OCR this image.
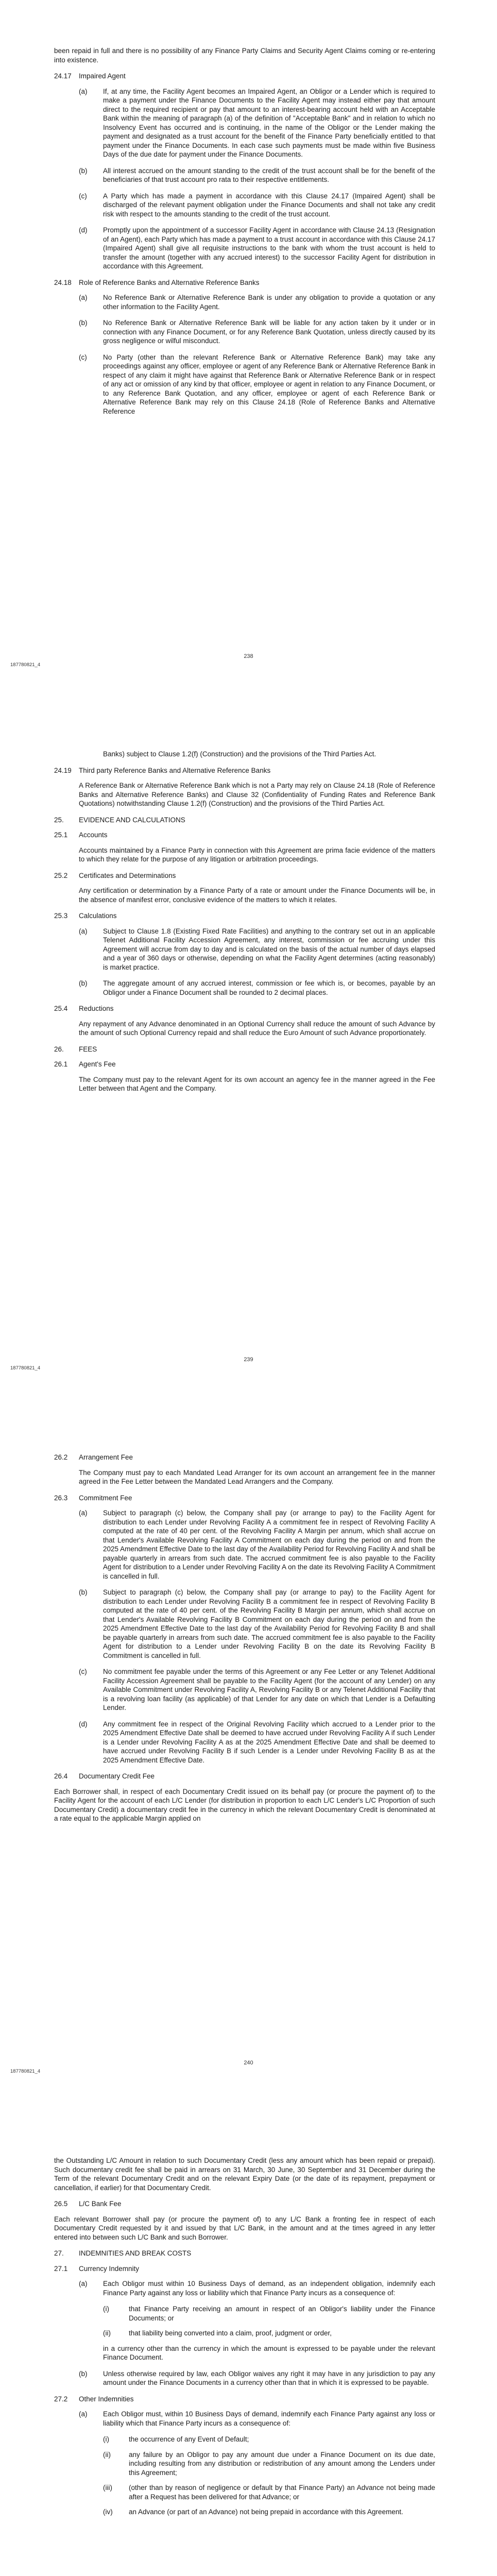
been repaid in full and there is no possibility of any Finance Party Claims and Security Agent Claims coming or re-entering into existence.

24.17 Impaired Agent
(a) If, at any time, the Facility Agent becomes an Impaired Agent, an Obligor or a Lender which is required to make a payment under the Finance Documents to the Facility Agent may instead either pay that amount direct to the required recipient or pay that amount to an interest-bearing account held with an Acceptable Bank within the meaning of paragraph (a) of the definition of "Acceptable Bank" and in relation to which no Insolvency Event has occurred and is continuing, in the name of the Obligor or the Lender making the payment and designated as a trust account for the benefit of the Finance Party beneficially entitled to that payment under the Finance Documents. In each case such payments must be made within five Business Days of the due date for payment under the Finance Documents.
(b) All interest accrued on the amount standing to the credit of the trust account shall be for the benefit of the beneficiaries of that trust account pro rata to their respective entitlements.
(c) A Party which has made a payment in accordance with this Clause 24.17 (Impaired Agent) shall be discharged of the relevant payment obligation under the Finance Documents and shall not take any credit risk with respect to the amounts standing to the credit of the trust account.
(d) Promptly upon the appointment of a successor Facility Agent in accordance with Clause 24.13 (Resignation of an Agent), each Party which has made a payment to a trust account in accordance with this Clause 24.17 (Impaired Agent) shall give all requisite instructions to the bank with whom the trust account is held to transfer the amount (together with any accrued interest) to the successor Facility Agent for distribution in accordance with this Agreement.
24.18 Role of Reference Banks and Alternative Reference Banks
(a) No Reference Bank or Alternative Reference Bank is under any obligation to provide a quotation or any other information to the Facility Agent.
(b) No Reference Bank or Alternative Reference Bank will be liable for any action taken by it under or in connection with any Finance Document, or for any Reference Bank Quotation, unless directly caused by its gross negligence or wilful misconduct.
(c) No Party (other than the relevant Reference Bank or Alternative Reference Bank) may take any proceedings against any officer, employee or agent of any Reference Bank or Alternative Reference Bank in respect of any claim it might have against that Reference Bank or Alternative Reference Bank or in respect of any act or omission of any kind by that officer, employee or agent in relation to any Finance Document, or to any Reference Bank Quotation, and any officer, employee or agent of each Reference Bank or Alternative Reference Bank may rely on this Clause 24.18 (Role of Reference Banks and Alternative Reference
238
187780821_4

Banks) subject to Clause 1.2(f) (Construction) and the provisions of the Third Parties Act.

24.19 Third party Reference Banks and Alternative Reference Banks

A Reference Bank or Alternative Reference Bank which is not a Party may rely on Clause 24.18 (Role of Reference Banks and Alternative Reference Banks) and Clause 32 (Confidentiality of Funding Rates and Reference Bank Quotations) notwithstanding Clause 1.2(f) (Construction) and the provisions of the Third Parties Act.

25. EVIDENCE AND CALCULATIONS
25.1 Accounts

Accounts maintained by a Finance Party in connection with this Agreement are prima facie evidence of the matters to which they relate for the purpose of any litigation or arbitration proceedings.

25.2 Certificates and Determinations

Any certification or determination by a Finance Party of a rate or amount under the Finance Documents will be, in the absence of manifest error, conclusive evidence of the matters to which it relates.

25.3 Calculations
(a) Subject to Clause 1.8 (Existing Fixed Rate Facilities) and anything to the contrary set out in an applicable Telenet Additional Facility Accession Agreement, any interest, commission or fee accruing under this Agreement will accrue from day to day and is calculated on the basis of the actual number of days elapsed and a year of 360 days or otherwise, depending on what the Facility Agent determines (acting reasonably) is market practice.
(b) The aggregate amount of any accrued interest, commission or fee which is, or becomes, payable by an Obligor under a Finance Document shall be rounded to 2 decimal places.
25.4 Reductions

Any repayment of any Advance denominated in an Optional Currency shall reduce the amount of such Advance by the amount of such Optional Currency repaid and shall reduce the Euro Amount of such Advance proportionately.

26. FEES
26.1 Agent's Fee

The Company must pay to the relevant Agent for its own account an agency fee in the manner agreed in the Fee Letter between that Agent and the Company.

239
187780821_4
26.2 Arrangement Fee

The Company must pay to each Mandated Lead Arranger for its own account an arrangement fee in the manner agreed in the Fee Letter between the Mandated Lead Arrangers and the Company.

26.3 Commitment Fee
(a) Subject to paragraph (c) below, the Company shall pay (or arrange to pay) to the Facility Agent for distribution to each Lender under Revolving Facility A a commitment fee in respect of Revolving Facility A computed at the rate of 40 per cent. of the Revolving Facility A Margin per annum, which shall accrue on that Lender's Available Revolving Facility A Commitment on each day during the period on and from the 2025 Amendment Effective Date to the last day of the Availability Period for Revolving Facility A and shall be payable quarterly in arrears from such date. The accrued commitment fee is also payable to the Facility Agent for distribution to a Lender under Revolving Facility A on the date its Revolving Facility A Commitment is cancelled in full.
(b) Subject to paragraph (c) below, the Company shall pay (or arrange to pay) to the Facility Agent for distribution to each Lender under Revolving Facility B a commitment fee in respect of Revolving Facility B computed at the rate of 40 per cent. of the Revolving Facility B Margin per annum, which shall accrue on that Lender's Available Revolving Facility B Commitment on each day during the period on and from the 2025 Amendment Effective Date to the last day of the Availability Period for Revolving Facility B and shall be payable quarterly in arrears from such date. The accrued commitment fee is also payable to the Facility Agent for distribution to a Lender under Revolving Facility B on the date its Revolving Facility B Commitment is cancelled in full.
(c) No commitment fee payable under the terms of this Agreement or any Fee Letter or any Telenet Additional Facility Accession Agreement shall be payable to the Facility Agent (for the account of any Lender) on any Available Commitment under Revolving Facility A, Revolving Facility B or any Telenet Additional Facility that is a revolving loan facility (as applicable) of that Lender for any date on which that Lender is a Defaulting Lender.
(d) Any commitment fee in respect of the Original Revolving Facility which accrued to a Lender prior to the 2025 Amendment Effective Date shall be deemed to have accrued under Revolving Facility A if such Lender is a Lender under Revolving Facility A as at the 2025 Amendment Effective Date and shall be deemed to have accrued under Revolving Facility B if such Lender is a Lender under Revolving Facility B as at the 2025 Amendment Effective Date.
26.4 Documentary Credit Fee

Each Borrower shall, in respect of each Documentary Credit issued on its behalf pay (or procure the payment of) to the Facility Agent for the account of each L/C Lender (for distribution in proportion to each L/C Lender's L/C Proportion of such Documentary Credit) a documentary credit fee in the currency in which the relevant Documentary Credit is denominated at a rate equal to the applicable Margin applied on

240
187780821_4

the Outstanding L/C Amount in relation to such Documentary Credit (less any amount which has been repaid or prepaid). Such documentary credit fee shall be paid in arrears on 31 March, 30 June, 30 September and 31 December during the Term of the relevant Documentary Credit and on the relevant Expiry Date (or the date of its repayment, prepayment or cancellation, if earlier) for that Documentary Credit.

26.5 L/C Bank Fee

Each relevant Borrower shall pay (or procure the payment of) to any L/C Bank a fronting fee in respect of each Documentary Credit requested by it and issued by that L/C Bank, in the amount and at the times agreed in any letter entered into between such L/C Bank and such Borrower.

27. INDEMNITIES AND BREAK COSTS
27.1 Currency Indemnity
(a) Each Obligor must within 10 Business Days of demand, as an independent obligation, indemnify each Finance Party against any loss or liability which that Finance Party incurs as a consequence of:
(i)	that Finance Party receiving an amount in respect of an Obligor's liability under the Finance Documents; or
(ii)	that liability being converted into a claim, proof, judgment or order,

in a currency other than the currency in which the amount is expressed to be payable under the relevant Finance Document.

(b) Unless otherwise required by law, each Obligor waives any right it may have in any jurisdiction to pay any amount under the Finance Documents in a currency other than that in which it is expressed to be payable.
27.2 Other Indemnities
(a) Each Obligor must, within 10 Business Days of demand, indemnify each Finance Party against any loss or liability which that Finance Party incurs as a consequence of:
(i)	the occurrence of any Event of Default;
(ii)	any failure by an Obligor to pay any amount due under a Finance Document on its due date, including resulting from any distribution or redistribution of any amount among the Lenders under this Agreement;
(iii) (other than by reason of negligence or default by that Finance Party) an Advance not being made after a Request has been delivered for that Advance; or
(iv) an Advance (or part of an Advance) not being prepaid in accordance with this Agreement.
